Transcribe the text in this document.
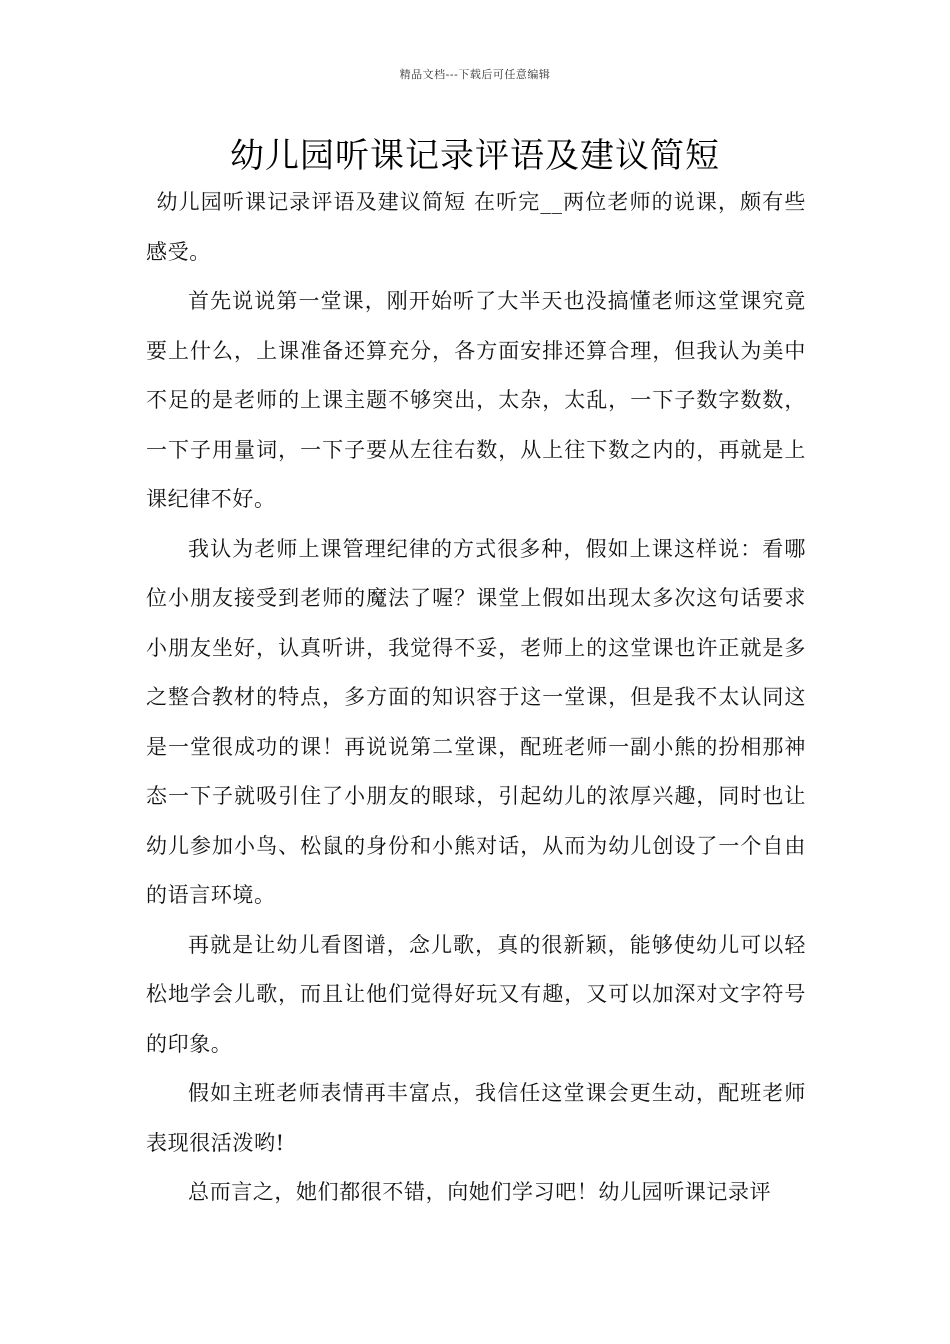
精品文档---下载后可任意编辑
幼儿园听课记录评语及建议简短

幼儿园听课记录评语及建议简短 在听完__两位老师的说课，颇有些感受。

首先说说第一堂课，刚开始听了大半天也没搞懂老师这堂课究竟要上什么，上课准备还算充分，各方面安排还算合理，但我认为美中不足的是老师的上课主题不够突出，太杂，太乱，一下子数字数数，一下子用量词，一下子要从左往右数，从上往下数之内的，再就是上课纪律不好。

我认为老师上课管理纪律的方式很多种，假如上课这样说：看哪位小朋友接受到老师的魔法了喔？课堂上假如出现太多次这句话要求小朋友坐好，认真听讲，我觉得不妥，老师上的这堂课也许正就是多之整合教材的特点，多方面的知识容于这一堂课，但是我不太认同这是一堂很成功的课！再说说第二堂课，配班老师一副小熊的扮相那神态一下子就吸引住了小朋友的眼球，引起幼儿的浓厚兴趣，同时也让幼儿参加小鸟、松鼠的身份和小熊对话，从而为幼儿创设了一个自由的语言环境。

再就是让幼儿看图谱，念儿歌，真的很新颖，能够使幼儿可以轻松地学会儿歌，而且让他们觉得好玩又有趣，又可以加深对文字符号的印象。

假如主班老师表情再丰富点，我信任这堂课会更生动，配班老师表现很活泼哟!

总而言之，她们都很不错，向她们学习吧！幼儿园听课记录评
